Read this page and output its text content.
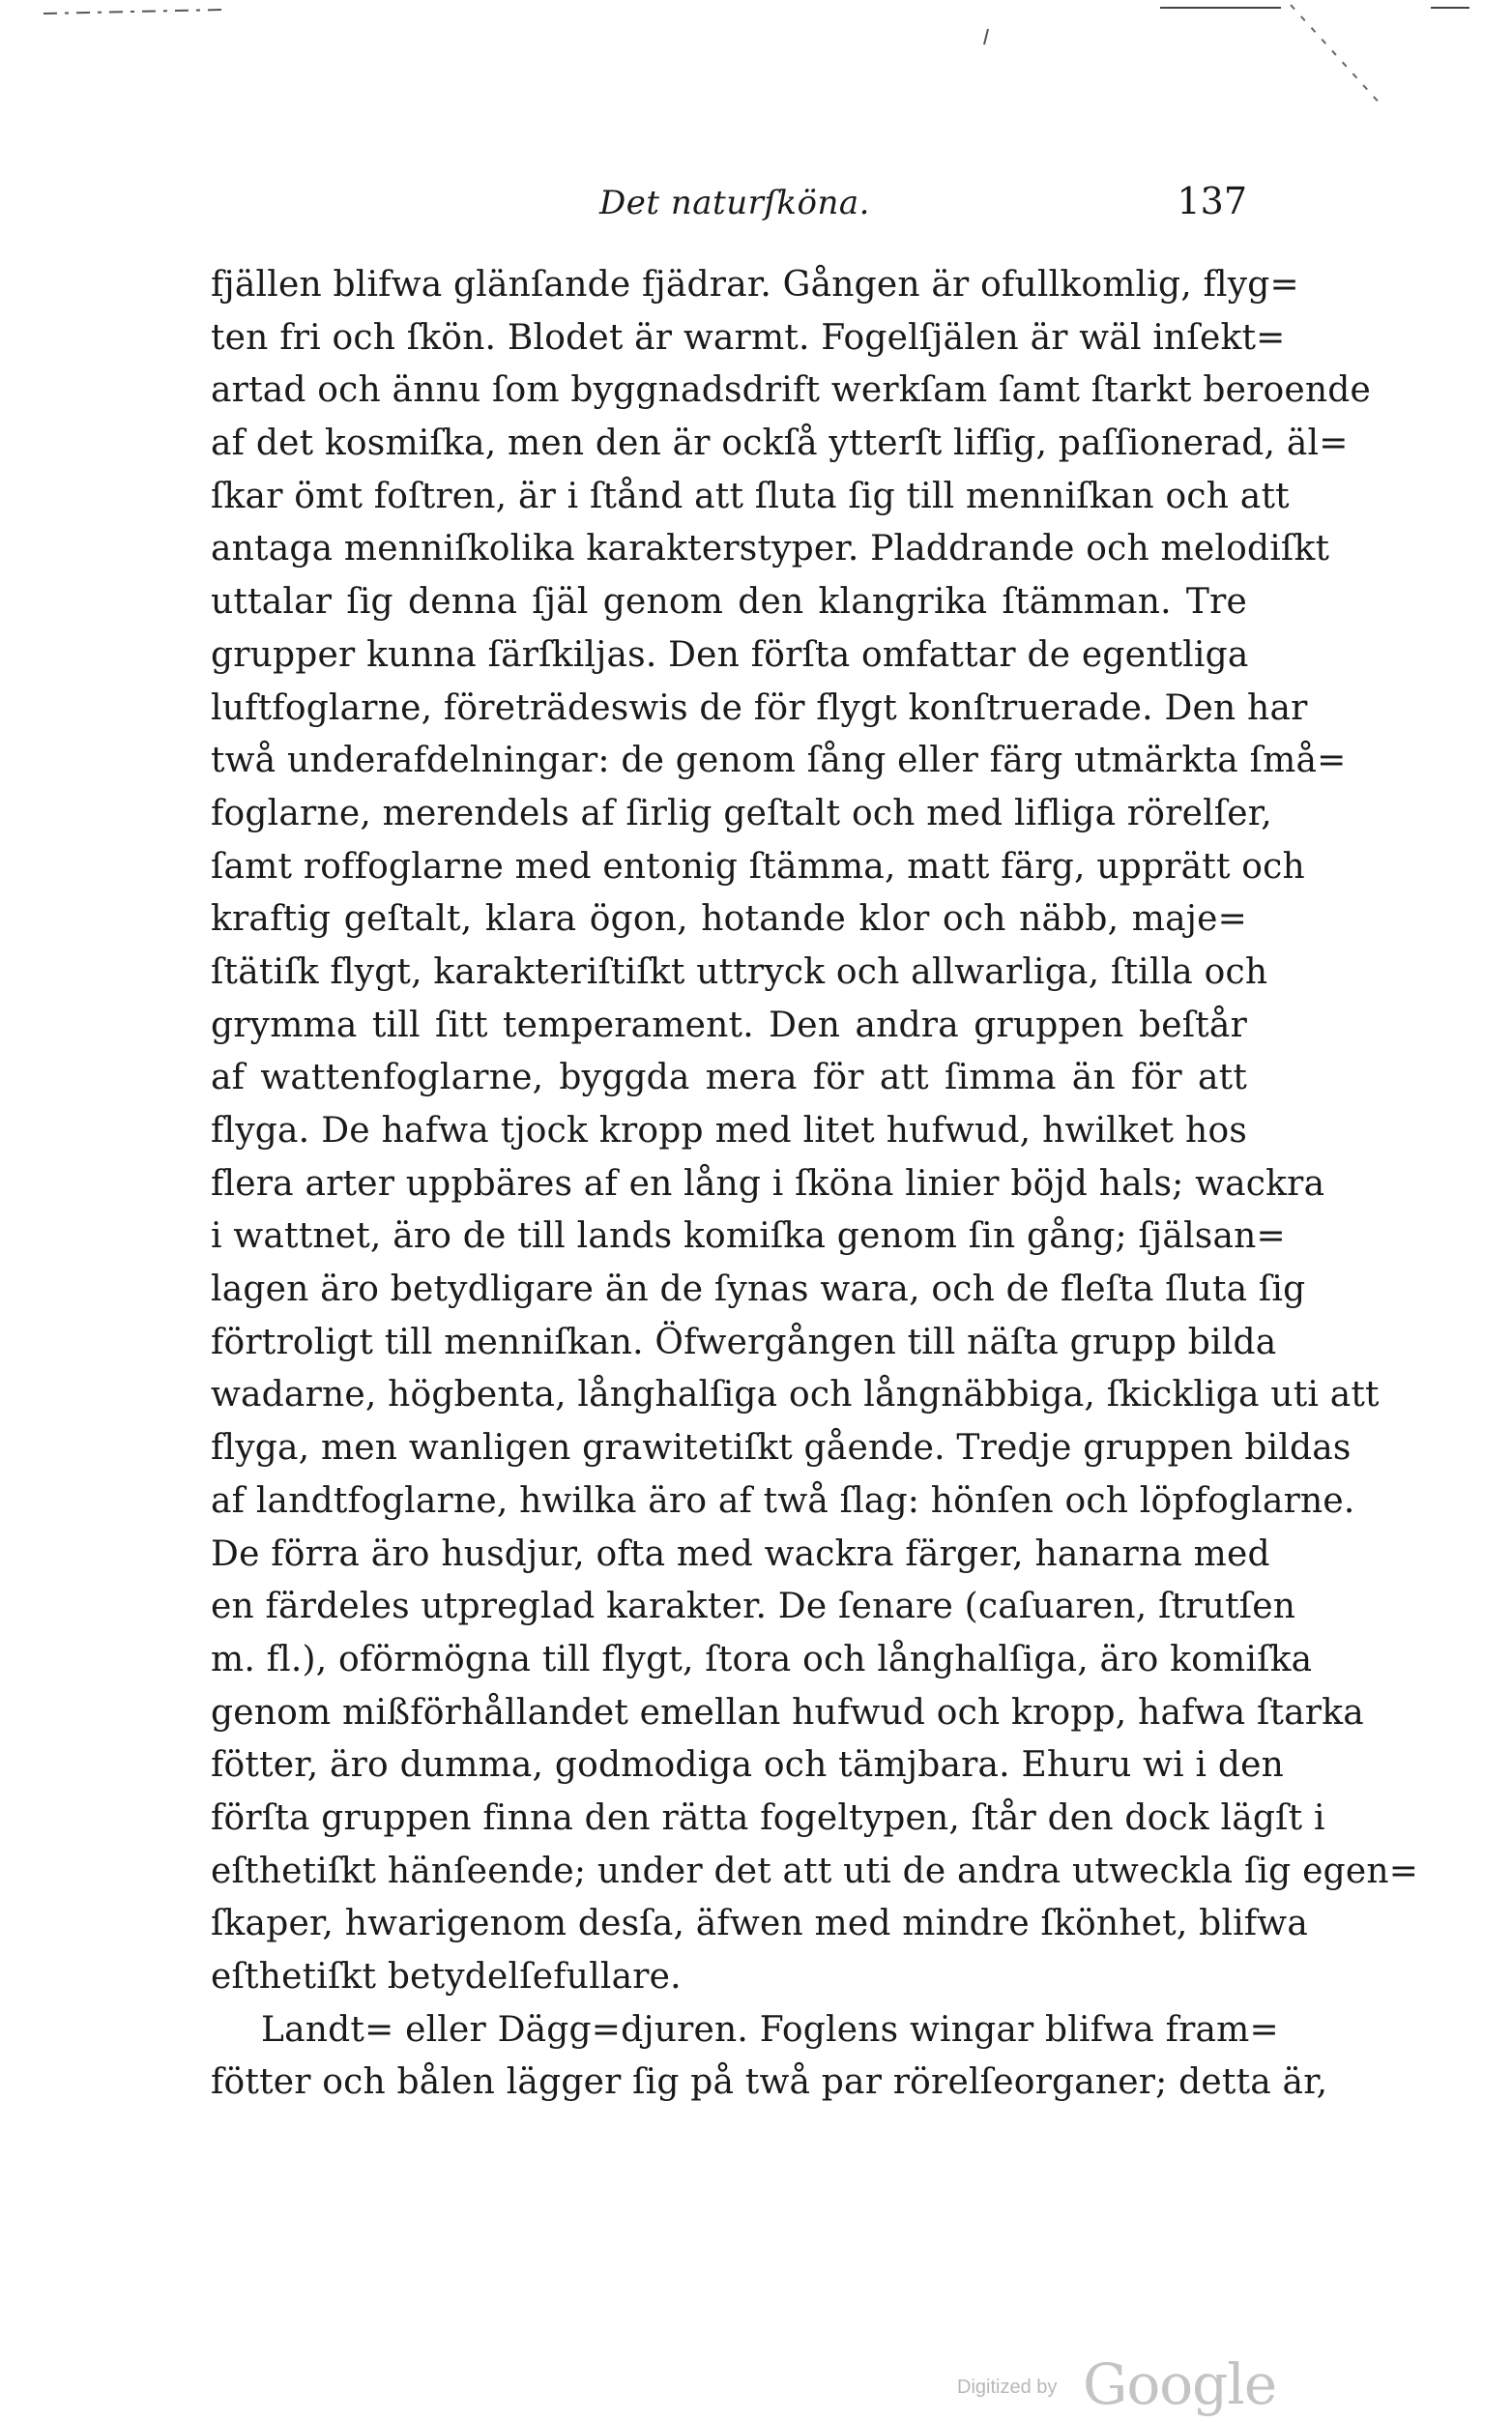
Det naturſköna.	137
fjällen blifwa glänſande fjädrar. Gången är ofullkomlig, flyg=
ten fri och ſkön. Blodet är warmt. Fogelſjälen är wäl inſekt=
artad och ännu ſom byggnadsdrift werkſam ſamt ſtarkt beroende
af det kosmiſka, men den är ockſå ytterſt lifſig, paſſionerad, äl=
ſkar ömt foſtren, är i ſtånd att ſluta ſig till menniſkan och att
antaga menniſkolika karakterstyper. Pladdrande och melodiſkt
uttalar ſig denna ſjäl genom den klangrika ſtämman. Tre
grupper kunna ſärſkiljas. Den förſta omfattar de egentliga
luftfoglarne, företrädeswis de för flygt konſtruerade. Den har
twå underafdelningar: de genom ſång eller färg utmärkta ſmå=
foglarne, merendels af ſirlig geſtalt och med lifliga rörelſer,
ſamt roffoglarne med entonig ſtämma, matt färg, upprätt och
kraftig geſtalt, klara ögon, hotande klor och näbb, maje=
ſtätiſk flygt, karakteriſtiſkt uttryck och allwarliga, ſtilla och
grymma till ſitt temperament. Den andra gruppen beſtår
af wattenfoglarne, byggda mera för att ſimma än för att
flyga. De hafwa tjock kropp med litet hufwud, hwilket hos
flera arter uppbäres af en lång i ſköna linier böjd hals; wackra
i wattnet, äro de till lands komiſka genom ſin gång; ſjälsan=
lagen äro betydligare än de ſynas wara, och de fleſta ſluta ſig
förtroligt till menniſkan. Öfwergången till näſta grupp bilda
wadarne, högbenta, långhalſiga och långnäbbiga, ſkickliga uti att
flyga, men wanligen grawitetiſkt gående. Tredje gruppen bildas
af landtfoglarne, hwilka äro af twå ſlag: hönſen och löpfoglarne.
De förra äro husdjur, ofta med wackra färger, hanarna med
en färdeles utpreglad karakter. De ſenare (caſuaren, ſtrutſen
m. fl.), oförmögna till flygt, ſtora och långhalſiga, äro komiſka
genom mißförhållandet emellan hufwud och kropp, hafwa ſtarka
fötter, äro dumma, godmodiga och tämjbara. Ehuru wi i den
förſta gruppen finna den rätta fogeltypen, ſtår den dock lägſt i
eſthetiſkt hänſeende; under det att uti de andra utweckla ſig egen=
ſkaper, hwarigenom desſa, äfwen med mindre ſkönhet, blifwa
eſthetiſkt betydelſefullare.
Landt= eller Dägg=djuren. Foglens wingar blifwa fram=
fötter och bålen lägger ſig på twå par rörelſeorganer; detta är,
Digitized by Google
